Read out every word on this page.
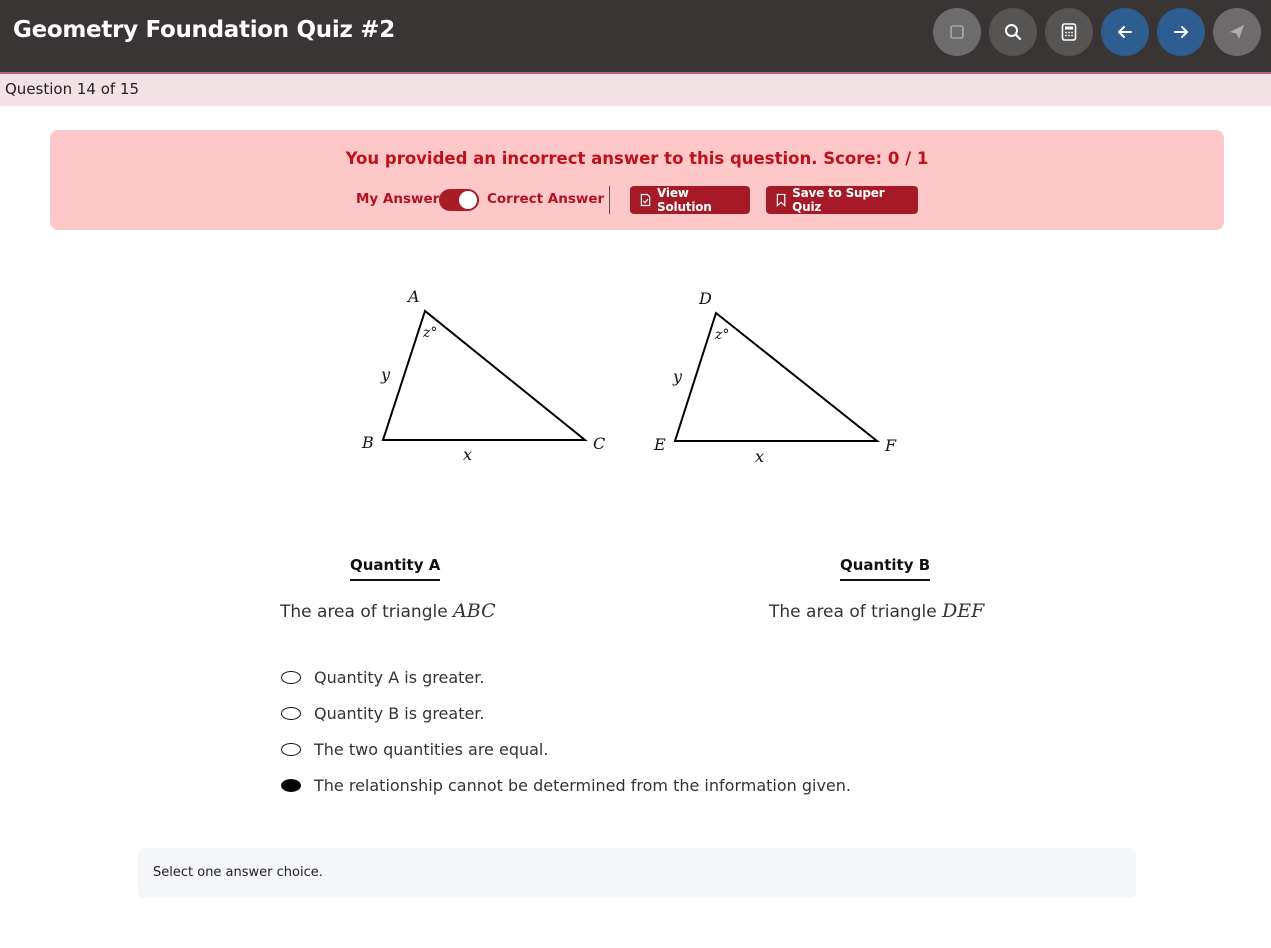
Geometry Foundation Quiz #2
Question 14 of 15
You provided an incorrect answer to this question. Score: 0 / 1
My Answer	Correct Answer	View Solution
Save to Super Quiz
A
B	C
y
x
z°
D
E	F
y
x
z°
Quantity A	Quantity B
The area of triangle ABC	The area of triangle DEF
Quantity A is greater.
Quantity B is greater.
The two quantities are equal.
The relationship cannot be determined from the information given.
Select one answer choice.
